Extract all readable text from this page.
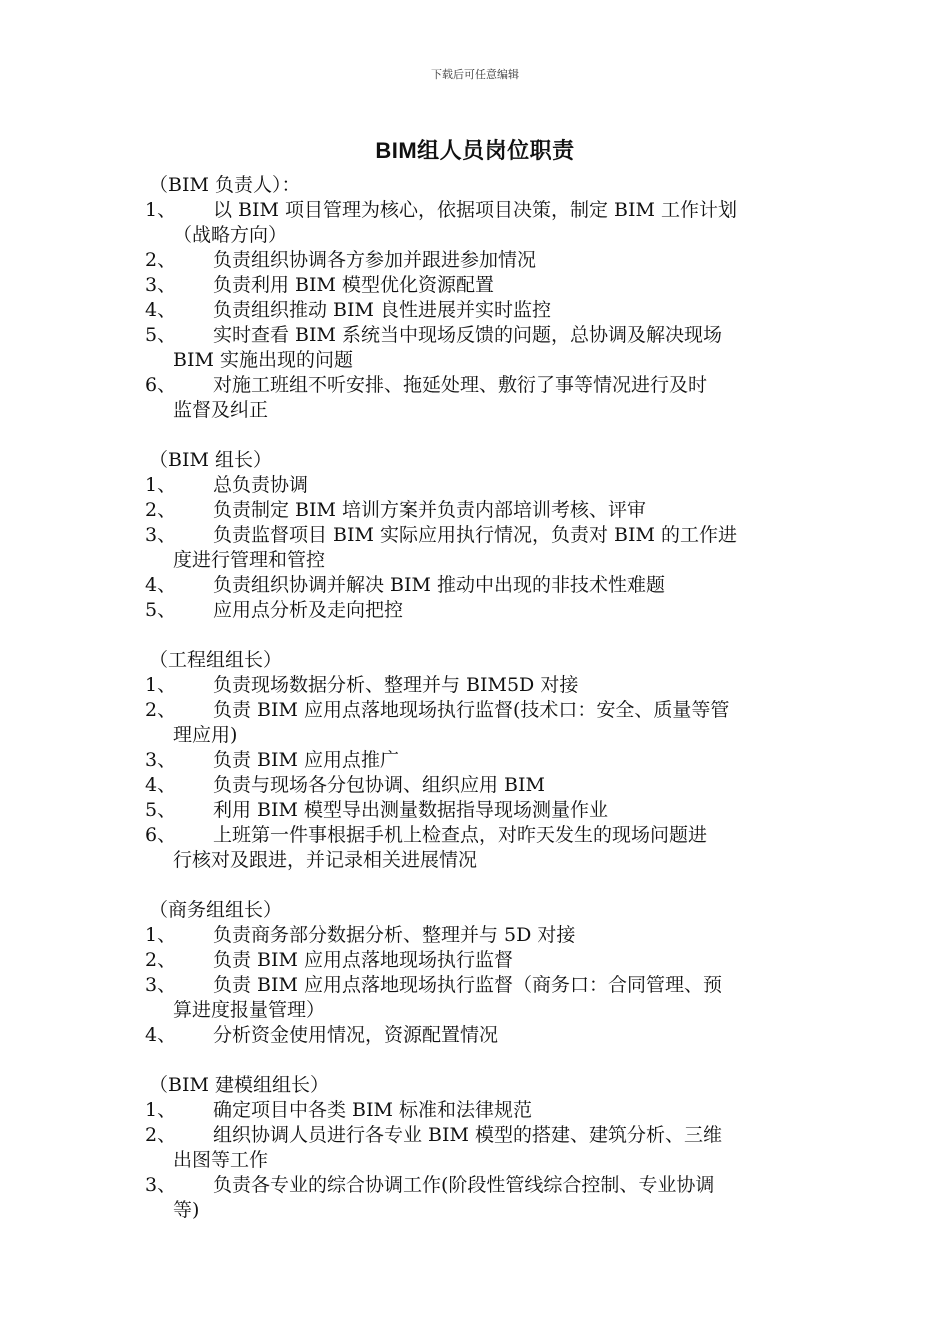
下载后可任意编辑
BIM组人员岗位职责
（BIM 负责人）：
1、	以 BIM 项目管理为核心，依据项目决策，制定 BIM 工作计划
（战略方向）
2、	负责组织协调各方参加并跟进参加情况
3、	负责利用 BIM 模型优化资源配置
4、	负责组织推动 BIM 良性进展并实时监控
5、	实时查看 BIM 系统当中现场反馈的问题，总协调及解决现场
BIM 实施出现的问题
6、	对施工班组不听安排、拖延处理、敷衍了事等情况进行及时
监督及纠正
（BIM 组长）
1、	总负责协调
2、	负责制定 BIM 培训方案并负责内部培训考核、评审
3、	负责监督项目 BIM 实际应用执行情况，负责对 BIM 的工作进
度进行管理和管控
4、	负责组织协调并解决 BIM 推动中出现的非技术性难题
5、	应用点分析及走向把控
（工程组组长）
1、	负责现场数据分析、整理并与 BIM5D 对接
2、	负责 BIM 应用点落地现场执行监督(技术口：安全、质量等管
理应用)
3、	负责 BIM 应用点推广
4、	负责与现场各分包协调、组织应用 BIM
5、	利用 BIM 模型导出测量数据指导现场测量作业
6、	上班第一件事根据手机上检查点，对昨天发生的现场问题进
行核对及跟进，并记录相关进展情况
（商务组组长）
1、	负责商务部分数据分析、整理并与 5D 对接
2、	负责 BIM 应用点落地现场执行监督
3、	负责 BIM 应用点落地现场执行监督（商务口：合同管理、预
算进度报量管理）
4、	分析资金使用情况，资源配置情况
（BIM 建模组组长）
1、	确定项目中各类 BIM 标准和法律规范
2、	组织协调人员进行各专业 BIM 模型的搭建、建筑分析、三维
出图等工作
3、	负责各专业的综合协调工作(阶段性管线综合控制、专业协调
等)
